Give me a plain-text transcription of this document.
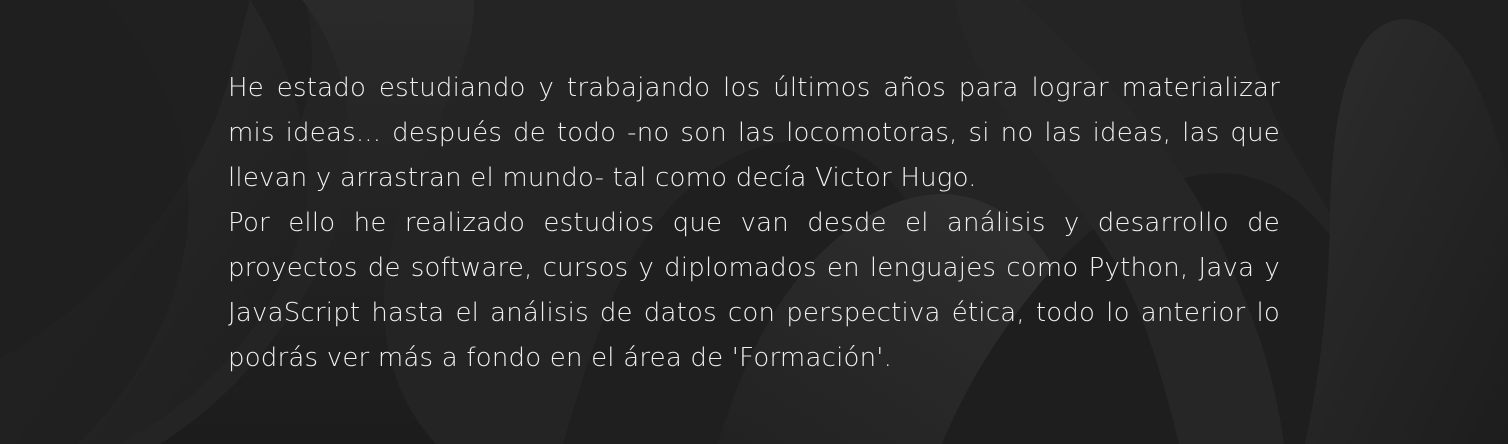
He estado estudiando y trabajando los últimos años para lograr materializar mis ideas... después de todo -no son las locomotoras, si no las ideas, las que llevan y arrastran el mundo- tal como decía Victor Hugo.

Por ello he realizado estudios que van desde el análisis y desarrollo de proyectos de software, cursos y diplomados en lenguajes como Python, Java y JavaScript hasta el análisis de datos con perspectiva ética, todo lo anterior lo podrás ver más a fondo en el área de 'Formación'.
